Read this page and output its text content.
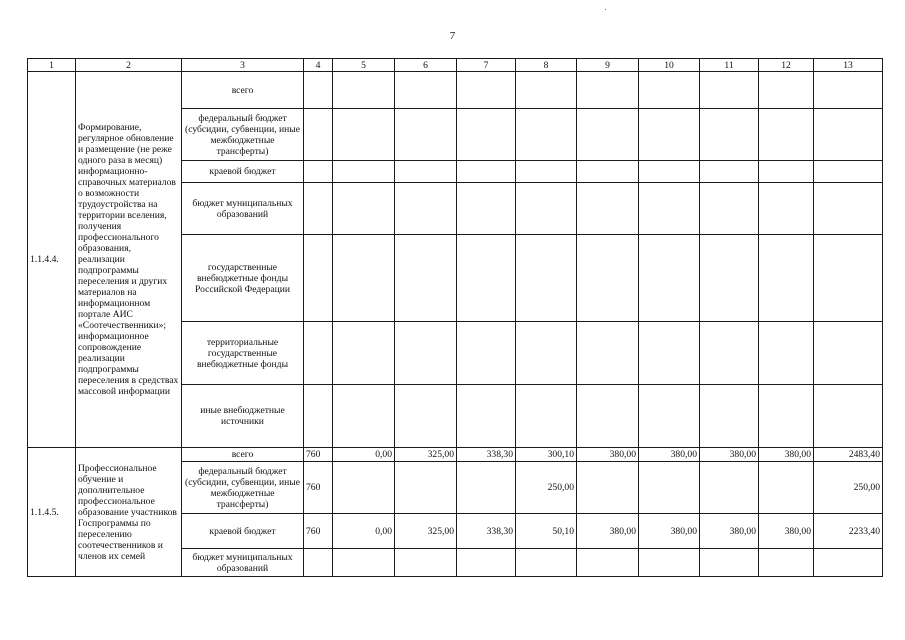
7
1	2	3	4	5	6	7	8	9	10	11	12	13
1.1.4.4.	Формирование, регулярное обновление и размещение (не реже одного раза в месяц) информационно-справочных материалов о возможности трудоустройства на территории вселения, получения профессионального образования, реализации подпрограммы переселения и других материалов на информационном портале АИС «Соотечественники»; информационное сопровождение реализации подпрограммы переселения в средствах массовой информации	всего										
		федеральный бюджет (субсидии, субвенции, иные межбюджетные трансферты)										
		краевой бюджет										
		бюджет муниципальных образований										
		государственные внебюджетные фонды Российской Федерации										
		территориальные государственные внебюджетные фонды										
		иные внебюджетные источники										
1.1.4.5.	Профессиональное обучение и дополнительное профессиональное образование участников Госпрограммы по переселению соотечественников и членов их семей	всего	760	0,00	325,00	338,30	300,10	380,00	380,00	380,00	380,00	2483,40
		федеральный бюджет (субсидии, субвенции, иные межбюджетные трансферты)	760				250,00					250,00
		краевой бюджет	760	0,00	325,00	338,30	50,10	380,00	380,00	380,00	380,00	2233,40
		бюджет муниципальных образований										
